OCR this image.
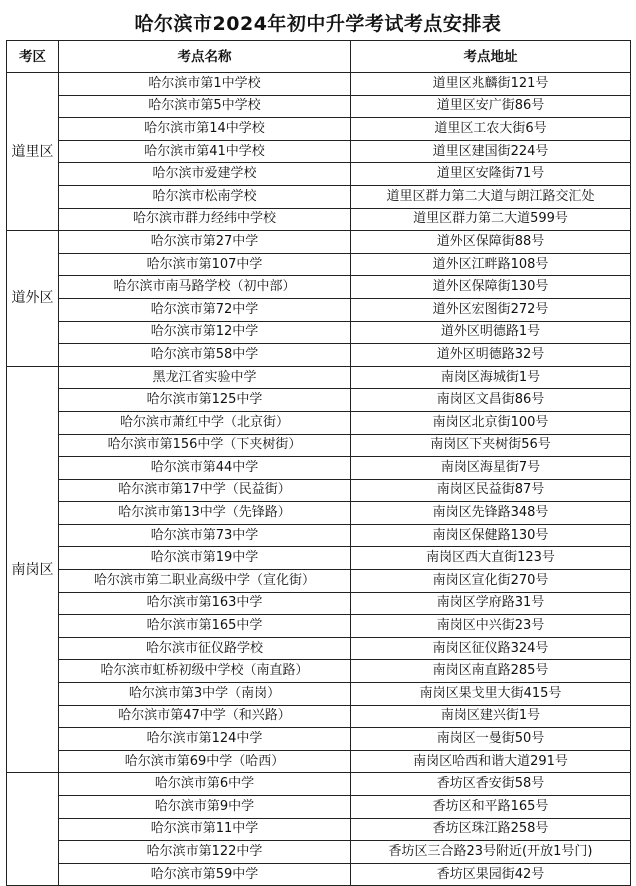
哈尔滨市2024年初中升学考试考点安排表
考区	考点名称	考点地址
道里区	哈尔滨市第1中学校	道里区兆麟街121号
	哈尔滨市第5中学校	道里区安广街86号
	哈尔滨市第14中学校	道里区工农大街6号
	哈尔滨市第41中学校	道里区建国街224号
	哈尔滨市爱建学校	道里区安隆街71号
	哈尔滨市松南学校	道里区群力第二大道与朗江路交汇处
	哈尔滨市群力经纬中学校	道里区群力第二大道599号
道外区	哈尔滨市第27中学	道外区保障街88号
	哈尔滨市第107中学	道外区江畔路108号
	哈尔滨市南马路学校（初中部）	道外区保障街130号
	哈尔滨市第72中学	道外区宏图街272号
	哈尔滨市第12中学	道外区明德路1号
	哈尔滨市第58中学	道外区明德路32号
南岗区	黑龙江省实验中学	南岗区海城街1号
	哈尔滨市第125中学	南岗区文昌街86号
	哈尔滨市萧红中学（北京街）	南岗区北京街100号
	哈尔滨市第156中学（下夹树街）	南岗区下夹树街56号
	哈尔滨市第44中学	南岗区海星街7号
	哈尔滨市第17中学（民益街）	南岗区民益街87号
	哈尔滨市第13中学（先锋路）	南岗区先锋路348号
	哈尔滨市第73中学	南岗区保健路130号
	哈尔滨市第19中学	南岗区西大直街123号
	哈尔滨市第二职业高级中学（宣化街）	南岗区宣化街270号
	哈尔滨市第163中学	南岗区学府路31号
	哈尔滨市第165中学	南岗区中兴街23号
	哈尔滨市征仪路学校	南岗区征仪路324号
	哈尔滨市虹桥初级中学校（南直路）	南岗区南直路285号
	哈尔滨市第3中学（南岗）	南岗区果戈里大街415号
	哈尔滨市第47中学（和兴路）	南岗区建兴街1号
	哈尔滨市第124中学	南岗区一曼街50号
	哈尔滨市第69中学（哈西）	南岗区哈西和谐大道291号
	哈尔滨市第6中学	香坊区香安街58号
	哈尔滨市第9中学	香坊区和平路165号
	哈尔滨市第11中学	香坊区珠江路258号
	哈尔滨市第122中学	香坊区三合路23号附近(开放1号门)
	哈尔滨市第59中学	香坊区果园街42号
